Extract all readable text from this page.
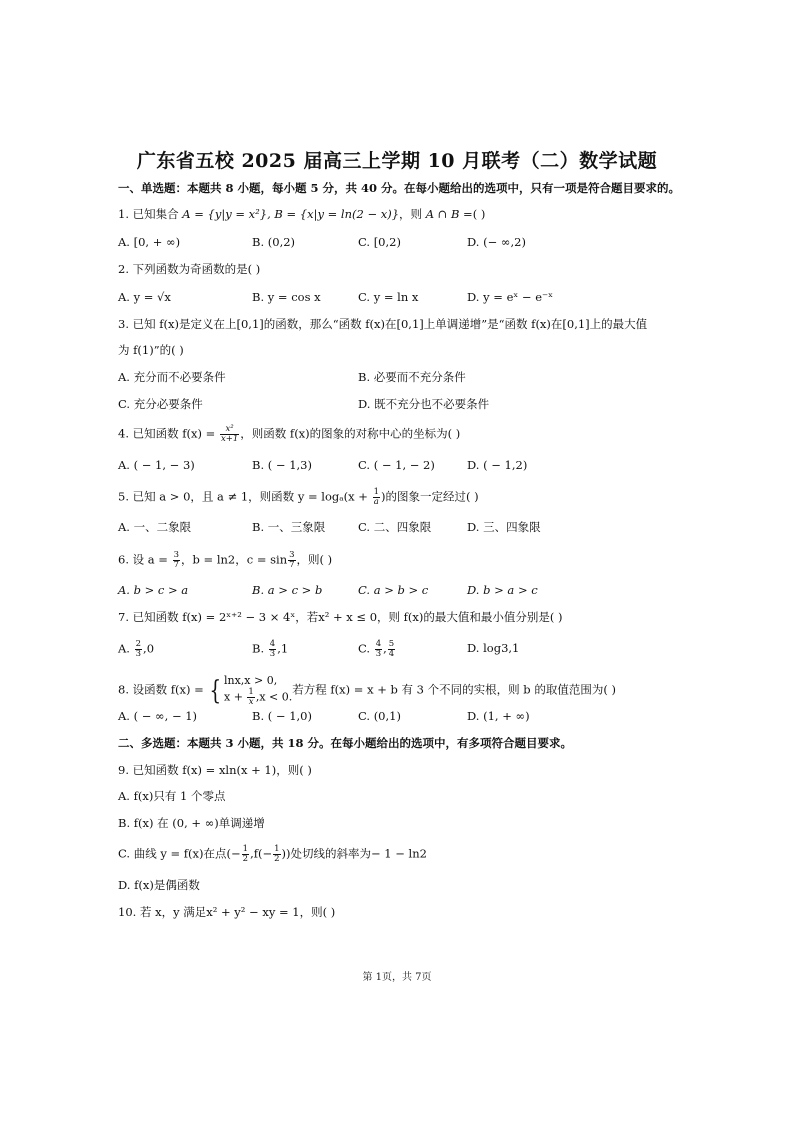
广东省五校 2025 届高三上学期 10 月联考（二）数学试题
一、单选题：本题共 8 小题，每小题 5 分，共 40 分。在每小题给出的选项中，只有一项是符合题目要求的。
1. 已知集合 A = {y|y = x²}, B = {x|y = ln(2 − x)}，则 A ∩ B =( )
A. [0, + ∞)	B. (0,2)	C. [0,2)	D. (− ∞,2)
2. 下列函数为奇函数的是( )
A. y = √x	B. y = cos x	C. y = ln x	D. y = eˣ − e⁻ˣ
3. 已知 f(x)是定义在上[0,1]的函数，那么“函数 f(x)在[0,1]上单调递增”是“函数 f(x)在[0,1]上的最大值
为 f(1)”的( )
A. 充分而不必要条件	B. 必要而不充分条件
C. 充分必要条件	D. 既不充分也不必要条件
4. 已知函数 $f(x) = \frac{\text{x²}}{x+1}$ ，则函数 f(x)的图象的对称中心的坐标为( )
A. ( − 1, − 3)	B. ( − 1,3)	C. ( − 1, − 2)	D. ( − 1,2)
5. 已知 a > 0，且 a ≠ 1，则函数 $y = \log_a(x + \frac{1}{a}$ )的图象一定经过( )
A. 一、二象限	B. 一、三象限	C. 二、四象限	D. 三、四象限
6. 设 $a = \frac{3}{7}$ ，b = ln2，$c = \sin \frac{3}{7}$ ，则( )
A. b > c > a	B. a > c > b	C. a > b > c	D. b > a > c
7. 已知函数 f(x) = 2ˣ⁺² − 3 × 4ˣ，若x² + x ≤ 0，则 f(x)的最大值和最小值分别是( )
A. $\frac{2}{3} ,0$	B. $\frac{4}{3} ,1$	C. $\frac{4}{3}$ , $\frac{5}{4}$	D. log3,1
8. 设函数 f(x) = { lnx,x > 0,
$x + \frac{1}{x} ,x < 0$.
若方程 f(x) = x + b 有 3 个不同的实根，则 b 的取值范围为( )
A. ( − ∞, − 1)	B. ( − 1,0)	C. (0,1)	D. (1, + ∞)
二、多选题：本题共 3 小题，共 18 分。在每小题给出的选项中，有多项符合题目要求。
9. 已知函数 f(x) = xln(x + 1)，则( )
A. f(x)只有 1 个零点
B. f(x) 在 (0, + ∞)单调递增
C. 曲线 y = f(x)在点(− $\frac{1}{2} ,f(- \frac{1}{2}$ ))处切线的斜率为− 1 − ln2
D. f(x)是偶函数
10. 若 x，y 满足x² + y² − xy = 1，则( )
第 1页，共 7页
